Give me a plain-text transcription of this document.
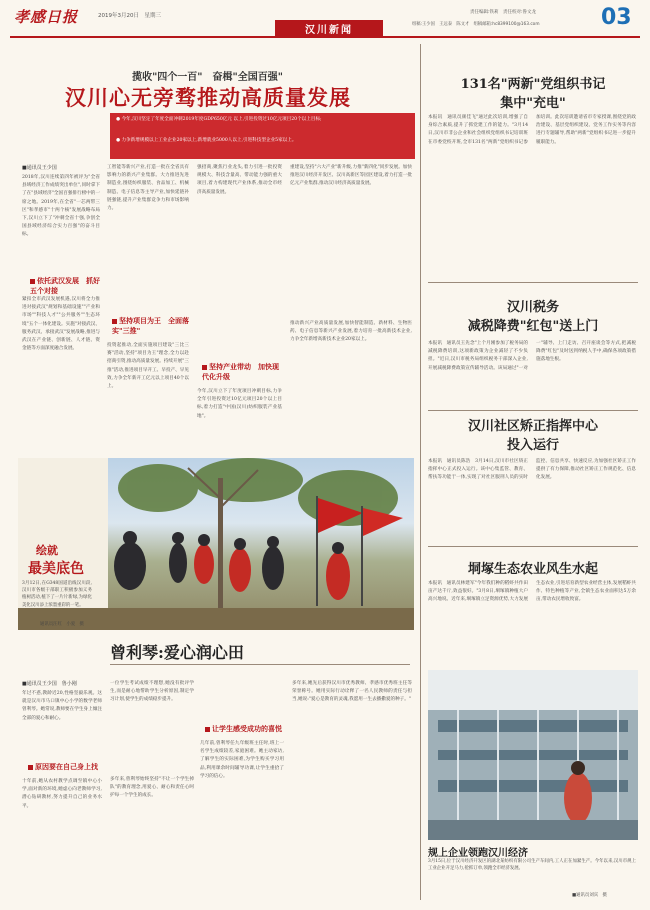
孝感日报	2019年3月20日　星期三
汉川新闻
责任编辑:铁莉　责任校对:鲁文龙
组稿:王少国　王远泰　陈文才　组稿邮箱:hc8399100@163.com	03
揽收"四个一百"　奋楫"全国百强"
汉川心无旁骛推动高质量发展
● 今年,汉川坚定了年度全面冲刺2019年度GDP650亿元 以上,引进投资过10亿元项目20个以上目标;
● 力争新增规模以上工业企业20家以上,新增就业5000人以上,引进科技型企业5家以上。
■通讯员王少国
2018年,汉川连续第四年被评为"全省县域经济工作成绩突出单位",同时拿下了在"县域经济"全国百强排行榜中的一席之地。2019年,在全省"一芯两带三区"和孝感市"十两个核"发展战略布局下,汉川立下了"冲刺全省十强,争创全国县域经济综合实力百强"的奋斗目标。
依托武汉发展　抓好五个对接
紧扣全市武汉发展机遇,汉川将全力推进对接武汉"规划和基础设施""产业和市场""科技人才""公共服务""生态环境"五个一体化建设。实施"对接武汉、服务武汉、承接武汉"发展战略,推进与武汉在产业链、创新链、人才链、资金链等方面深度融合发展。
工智能等新兴产业,打造一批在全省具有影响力的新兴产业集群。大力推进先进制造业,围绕纺织服装、食品加工、机械制造、电子信息等主导产业,加快延链补链强链,提升产业集群竞争力和市场影响力。
坚持项目为王　全面落实"三推"
投资起推动,全面实施项目建设"三比三赛"活动,坚持"项目为王"理念,全力以赴招商引资,推动高质量发展。持续开展"三推"活动,推进项目早开工、早投产、早见效,力争全年新开工亿元以上项目40个以上。
强招商,聚焦行业龙头,着力引进一批投资规模大、科技含量高、带动能力强的重大项目,着力构建现代产业体系,推动全市经济高质量发展。
坚持产业带动　加快现代化升级
今年,汉川立下了年度项目冲刺目标,力争全年引进投资过10亿元项目20个以上目标,着力打造"中国(汉川)纺织服装产业基地"。
重建设,坚持"六大产业"新升级,力推"新四化"同步发展。加快推进汉川经济开发区、汉川高新区等园区建设,着力打造一批亿元产业集群,推动汉川经济高质量发展。
推动新兴产业高质量发展,加快智能制造、新材料、生物医药、电子信息等新兴产业发展,着力培育一批高新技术企业,力争全年新增高新技术企业20家以上。
绘就
最美底色
3月12日,在G348国道沿线汉川段,汉川市各级干部职工积极参加义务植树活动,植下了一片片新绿,为绿化美化汉川添上浓墨重彩的一笔。
通讯员汪红　小爱　摄
曾利琴:爱心润心田
■通讯员王少国　鲁小刚
年过不惑,教龄近20,性格坚毅乐观。这就是汉川市马口镇中心小学的数学老师曾利琴。她常说,教师要在学生身上倾注全部的爱心和耐心。
原因要在自己身上找
十年前,她从农村教学点调至镇中心小学,面对新的环境,她虚心向老教师学习,潜心钻研教材,努力提升自己的业务水平。
一位学生考试成绩不理想,她没有批评学生,而是耐心地帮助学生分析原因,制定学习计划,使学生的成绩稳步提升。
多年来,曾利琴始终坚持"不让一个学生掉队"的教育理念,用爱心、耐心和责任心呵护每一个学生的成长。
让学生感受成功的喜悦
几年前,曾利琴任九年级班主任时,班上一名学生成绩较差,家庭困难。她主动家访,了解学生的实际困难,为学生购买学习用品,利用课余时间辅导功课,让学生重拾了学习的信心。
多年来,她先后获得汉川市优秀教师、孝感市优秀班主任等荣誉称号。她用实际行动诠释了一名人民教师的责任与担当,她说:"爱心是教育的灵魂,我愿用一生去播撒爱的种子。"
131名"两新"党组织书记
集中"充电"
本报讯　通讯员颜佳飞"通过此次培训,增强了自身综合素质,提升了抓党建工作的能力。"3月14日,汉川市非公企业和社会组织党组织书记培训班在市委党校开班,全市131名"两新"党组织书记参加培训。此次培训邀请省市专家授课,围绕党的政治建设、基层党组织建设、党务工作实务等内容进行专题辅导,帮助"两新"党组织书记进一步提升履职能力。
汉川税务
减税降费"红包"送上门
本报讯　通讯员王先念"上个月刚参加了税务局的减税降费培训,这项新政策为企业减轻了不少负担。"近日,汉川市税务局组织税务干部深入企业,开展减税降费政策宣传辅导活动。该局通过"一对一"辅导、上门走访、召开座谈会等方式,把减税降费"红包"及时送到纳税人手中,确保各项政策措施落地生根。
汉川社区矫正指挥中心
投入运行
本报讯　通讯员陈浩　3月14日,汉川市社区矫正指挥中心正式投入运行。该中心集监管、教育、帮扶等功能于一体,实现了对社区服刑人员的实时监控、信息共享、快速反应,为加强社区矫正工作提供了有力保障,推动社区矫正工作规范化、信息化发展。
垌塚生态农业风生水起
本报讯　通讯员林建军"今年我们种的稻虾共作田亩产达千斤,效益很好。"3月8日,垌塚镇种植大户高兴地说。近年来,垌塚镇立足资源优势,大力发展生态农业,引进培育新型农业经营主体,发展稻虾共作、特色种植等产业,全镇生态农业面积达5万余亩,带动农民增收致富。
规上企业领跑汉川经济
3月15日,位于汉川经济开发区的湖北某纺织有限公司生产车间内,工人正在加紧生产。今年以来,汉川市规上工业企业开足马力,抢抓订单,领跑全市经济发展。
■通讯员刘宾　摄
